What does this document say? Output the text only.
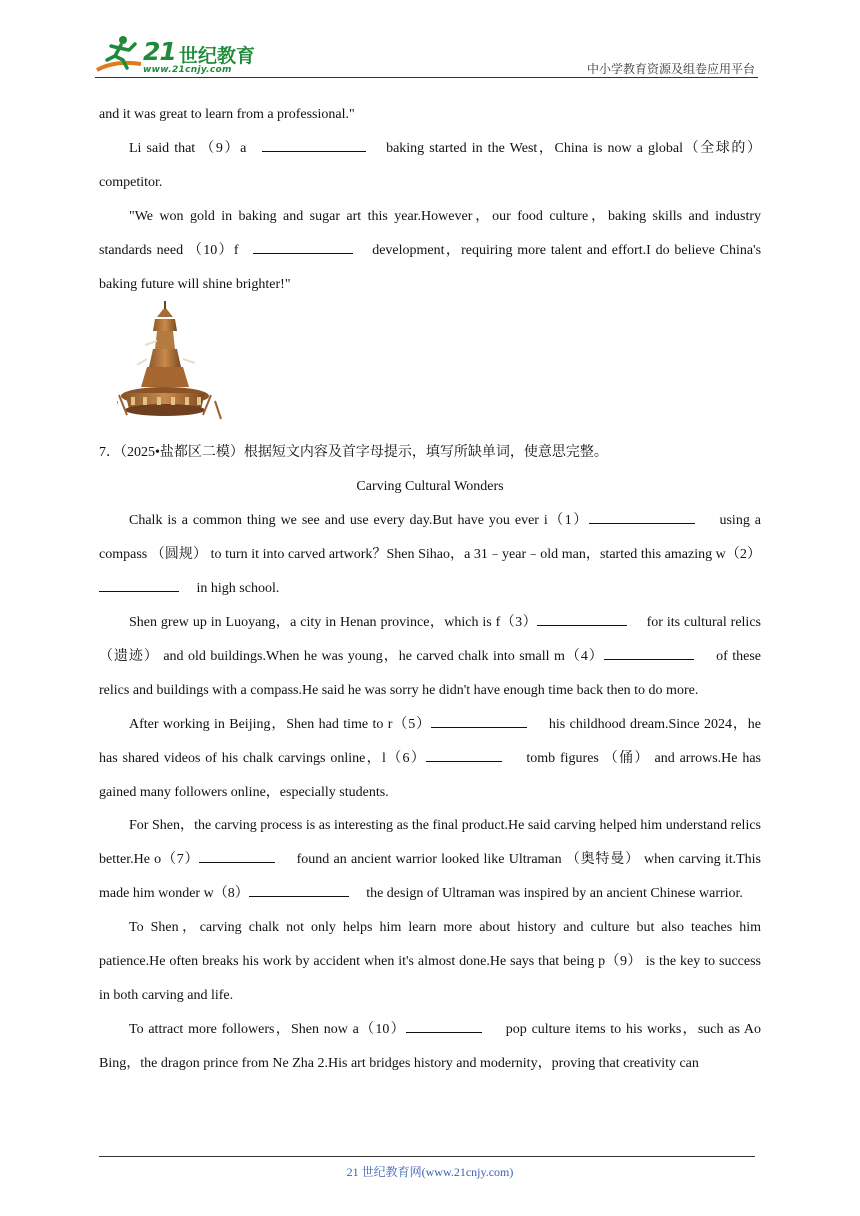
21 世纪教育
www.21cnjy.com	中小学教育资源及组卷应用平台

and it was great to learn from a professional."

Li said that （9）a	baking started in the West，China is now a global（全球的）competitor.

"We won gold in baking and sugar art this year.However，our food culture，baking skills and industry standards need （10）f	development，requiring more talent and effort.I do believe China's baking future will shine brighter!"

7．（2025•盐都区二模）根据短文内容及首字母提示，填写所缺单词，使意思完整。

Carving Cultural Wonders

Chalk is a common thing we see and use every day.But have you ever i（1）	using a compass （圆规） to turn it into carved artwork？Shen Sihao，a 31﹣year﹣old man，started this amazing w（2）     in high school.

Shen grew up in Luoyang，a city in Henan province，which is f（3）	for its cultural relics （遗迹） and old buildings.When he was young，he carved chalk into small m（4）	of these relics and buildings with a compass.He said he was sorry he didn't have enough time back then to do more.

After working in Beijing，Shen had time to r（5）	his childhood dream.Since 2024，he has shared videos of his chalk carvings online，l（6）	tomb figures （俑） and arrows.He has gained many followers online，especially students.

For Shen，the carving process is as interesting as the final product.He said carving helped him understand relics better.He o（7）	found an ancient warrior looked like Ultraman （奥特曼） when carving it.This made him wonder w（8）	the design of Ultraman was inspired by an ancient Chinese warrior.

To Shen，carving chalk not only helps him learn more about history and culture but also teaches him patience.He often breaks his work by accident when it's almost done.He says that being p（9） is the key to success in both carving and life.

To attract more followers，Shen now a（10）	pop culture items to his works，such as Ao Bing，the dragon prince from Ne Zha 2.His art bridges history and modernity，proving that creativity can

21 世纪教育网(www.21cnjy.com)
